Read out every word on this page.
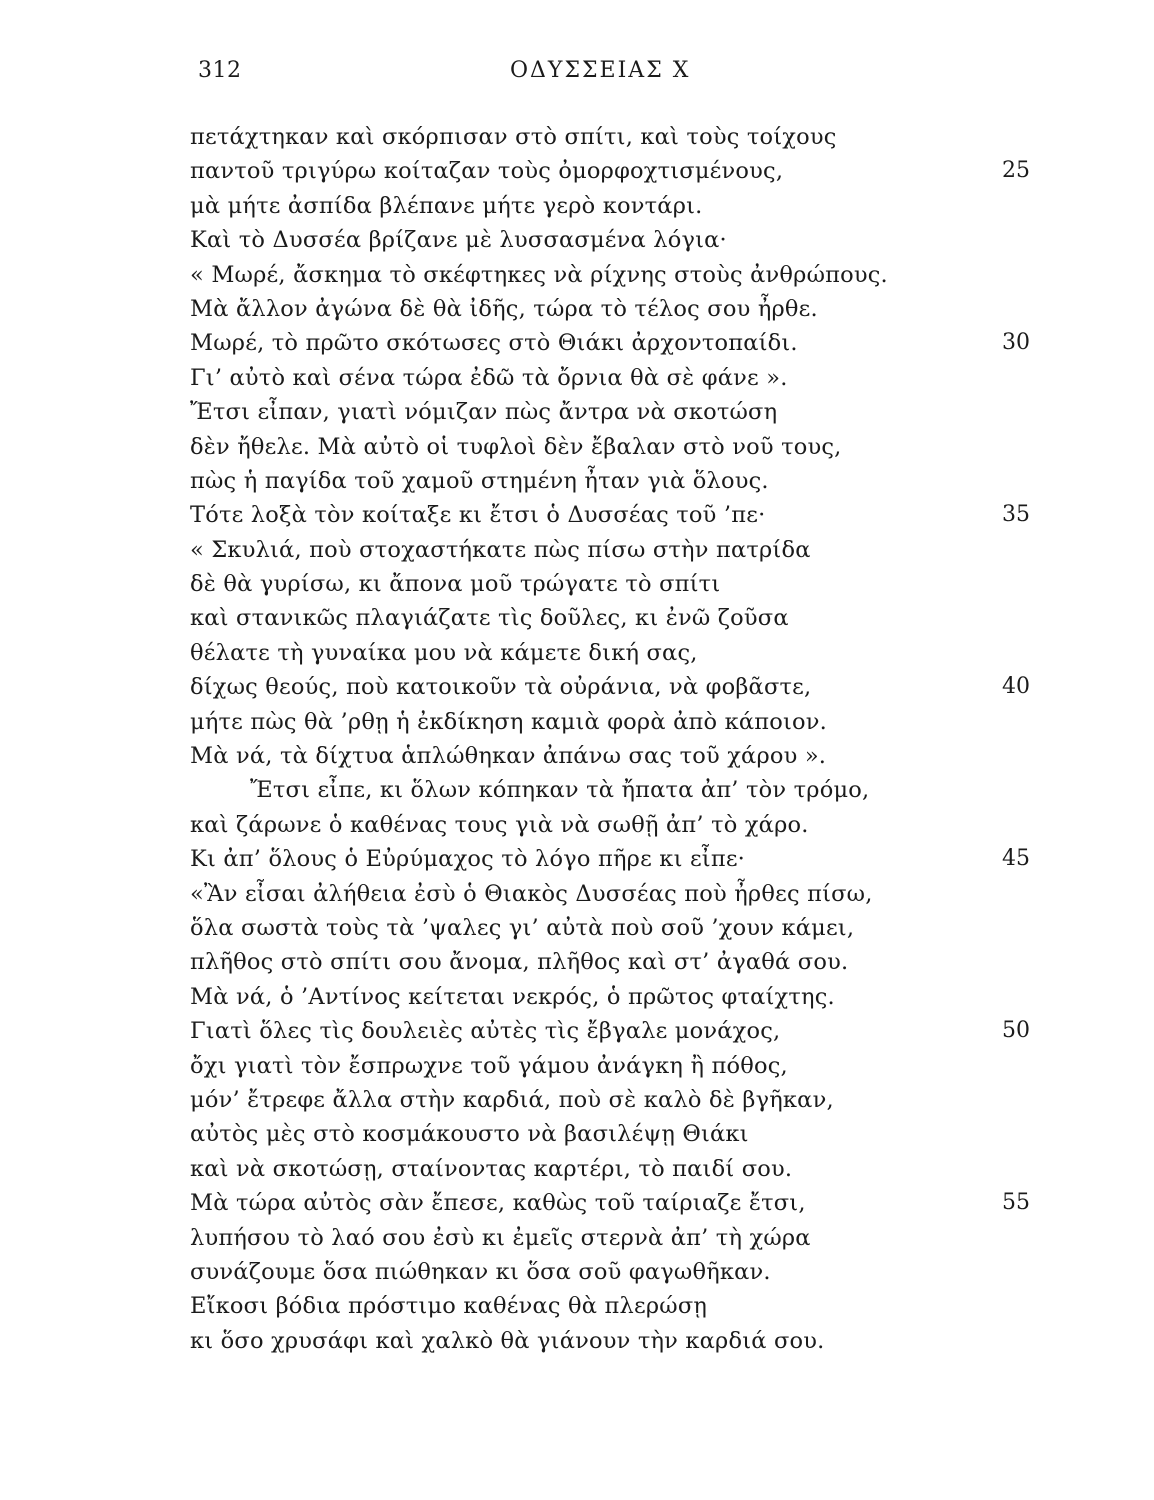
312	ΟΔΥΣΣΕΙΑΣ Χ
πετάχτηκαν καὶ σκόρπισαν στὸ σπίτι, καὶ τοὺς τοίχους
παντοῦ τριγύρω κοίταζαν τοὺς ὀμορφοχτισμένους,	25
μὰ μήτε ἀσπίδα βλέπανε μήτε γερὸ κοντάρι.
Καὶ τὸ Δυσσέα βρίζανε μὲ λυσσασμένα λόγια·
« Μωρέ, ἄσκημα τὸ σκέφτηκες νὰ ρίχνης στοὺς ἀνθρώπους.
Μὰ ἄλλον ἀγώνα δὲ θὰ ἰδῆς, τώρα τὸ τέλος σου ἦρθε.
Μωρέ, τὸ πρῶτο σκότωσες στὸ Θιάκι ἀρχοντοπαίδι.	30
Γι’ αὐτὸ καὶ σένα τώρα ἐδῶ τὰ ὄρνια θὰ σὲ φάνε ».
Ἔτσι εἶπαν, γιατὶ νόμιζαν πὼς ἄντρα νὰ σκοτώση
δὲν ἤθελε. Μὰ αὐτὸ οἱ τυφλοὶ δὲν ἔβαλαν στὸ νοῦ τους,
πὼς ἡ παγίδα τοῦ χαμοῦ στημένη ἦταν γιὰ ὅλους.
Τότε λοξὰ τὸν κοίταξε κι ἔτσι ὁ Δυσσέας τοῦ ’πε·	35
« Σκυλιά, ποὺ στοχαστήκατε πὼς πίσω στὴν πατρίδα
δὲ θὰ γυρίσω, κι ἄπονα μοῦ τρώγατε τὸ σπίτι
καὶ στανικῶς πλαγιάζατε τὶς δοῦλες, κι ἐνῶ ζοῦσα
θέλατε τὴ γυναίκα μου νὰ κάμετε δική σας,
δίχως θεούς, ποὺ κατοικοῦν τὰ οὐράνια, νὰ φοβᾶστε,	40
μήτε πὼς θὰ ’ρθῃ ἡ ἐκδίκηση καμιὰ φορὰ ἀπὸ κάποιον.
Μὰ νά, τὰ δίχτυα ἁπλώθηκαν ἀπάνω σας τοῦ χάρου ».
Ἔτσι εἶπε, κι ὅλων κόπηκαν τὰ ἤπατα ἀπ’ τὸν τρόμο,
καὶ ζάρωνε ὁ καθένας τους γιὰ νὰ σωθῇ ἀπ’ τὸ χάρο.
Κι ἀπ’ ὅλους ὁ Εὐρύμαχος τὸ λόγο πῆρε κι εἶπε·	45
«Ἂν εἶσαι ἀλήθεια ἐσὺ ὁ Θιακὸς Δυσσέας ποὺ ἦρθες πίσω,
ὅλα σωστὰ τοὺς τὰ ’ψαλες γι’ αὐτὰ ποὺ σοῦ ’χουν κάμει,
πλῆθος στὸ σπίτι σου ἄνομα, πλῆθος καὶ στ’ ἀγαθά σου.
Μὰ νά, ὁ ’Αντίνος κείτεται νεκρός, ὁ πρῶτος φταίχτης.
Γιατὶ ὅλες τὶς δουλειὲς αὐτὲς τὶς ἔβγαλε μονάχος,	50
ὄχι γιατὶ τὸν ἔσπρωχνε τοῦ γάμου ἀνάγκη ἢ πόθος,
μόν’ ἔτρεφε ἄλλα στὴν καρδιά, ποὺ σὲ καλὸ δὲ βγῆκαν,
αὐτὸς μὲς στὸ κοσμάκουστο νὰ βασιλέψῃ Θιάκι
καὶ νὰ σκοτώσῃ, σταίνοντας καρτέρι, τὸ παιδί σου.
Μὰ τώρα αὐτὸς σὰν ἔπεσε, καθὼς τοῦ ταίριαζε ἔτσι,	55
λυπήσου τὸ λαό σου ἐσὺ κι ἐμεῖς στερνὰ ἀπ’ τὴ χώρα
συνάζουμε ὅσα πιώθηκαν κι ὅσα σοῦ φαγωθῆκαν.
Εἴκοσι βόδια πρόστιμο καθένας θὰ πλερώσῃ
κι ὅσο χρυσάφι καὶ χαλκὸ θὰ γιάνουν τὴν καρδιά σου.
